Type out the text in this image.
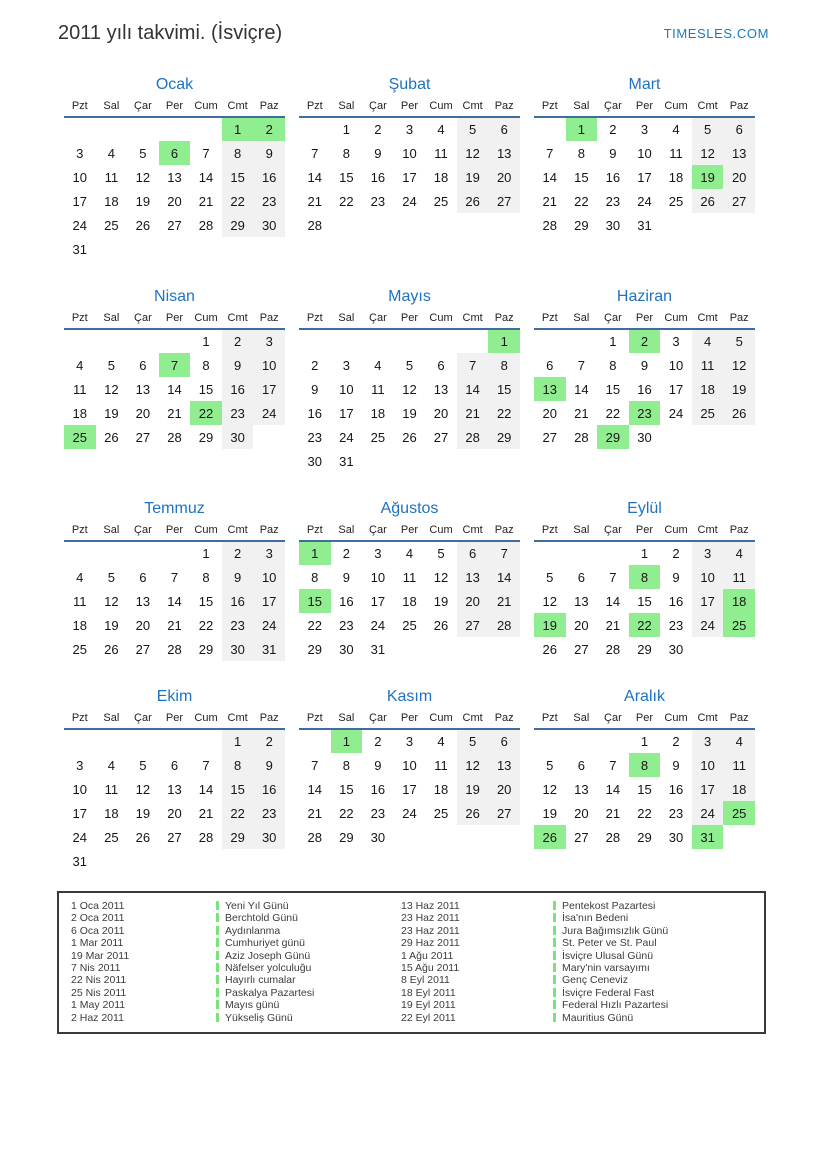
2011 yılı takvimi. (İsviçre)	TIMESLES.COM
Ocak
Pzt	Sal	Çar	Per	Cum	Cmt	Paz
					1	2
3	4	5	6	7	8	9
10	11	12	13	14	15	16
17	18	19	20	21	22	23
24	25	26	27	28	29	30
31						
Şubat
Pzt	Sal	Çar	Per	Cum	Cmt	Paz
	1	2	3	4	5	6
7	8	9	10	11	12	13
14	15	16	17	18	19	20
21	22	23	24	25	26	27
28						
Mart
Pzt	Sal	Çar	Per	Cum	Cmt	Paz
	1	2	3	4	5	6
7	8	9	10	11	12	13
14	15	16	17	18	19	20
21	22	23	24	25	26	27
28	29	30	31			
Nisan
Pzt	Sal	Çar	Per	Cum	Cmt	Paz
				1	2	3
4	5	6	7	8	9	10
11	12	13	14	15	16	17
18	19	20	21	22	23	24
25	26	27	28	29	30	
Mayıs
Pzt	Sal	Çar	Per	Cum	Cmt	Paz
						1
2	3	4	5	6	7	8
9	10	11	12	13	14	15
16	17	18	19	20	21	22
23	24	25	26	27	28	29
30	31					
Haziran
Pzt	Sal	Çar	Per	Cum	Cmt	Paz
		1	2	3	4	5
6	7	8	9	10	11	12
13	14	15	16	17	18	19
20	21	22	23	24	25	26
27	28	29	30			
Temmuz
Pzt	Sal	Çar	Per	Cum	Cmt	Paz
				1	2	3
4	5	6	7	8	9	10
11	12	13	14	15	16	17
18	19	20	21	22	23	24
25	26	27	28	29	30	31
Ağustos
Pzt	Sal	Çar	Per	Cum	Cmt	Paz
1	2	3	4	5	6	7
8	9	10	11	12	13	14
15	16	17	18	19	20	21
22	23	24	25	26	27	28
29	30	31				
Eylül
Pzt	Sal	Çar	Per	Cum	Cmt	Paz
			1	2	3	4
5	6	7	8	9	10	11
12	13	14	15	16	17	18
19	20	21	22	23	24	25
26	27	28	29	30		
Ekim
Pzt	Sal	Çar	Per	Cum	Cmt	Paz
					1	2
3	4	5	6	7	8	9
10	11	12	13	14	15	16
17	18	19	20	21	22	23
24	25	26	27	28	29	30
31						
Kasım
Pzt	Sal	Çar	Per	Cum	Cmt	Paz
	1	2	3	4	5	6
7	8	9	10	11	12	13
14	15	16	17	18	19	20
21	22	23	24	25	26	27
28	29	30				
Aralık
Pzt	Sal	Çar	Per	Cum	Cmt	Paz
			1	2	3	4
5	6	7	8	9	10	11
12	13	14	15	16	17	18
19	20	21	22	23	24	25
26	27	28	29	30	31	
1 Oca 2011	Yeni Yıl Günü	13 Haz 2011	Pentekost Pazartesi
2 Oca 2011	Berchtold Günü	23 Haz 2011	İsa'nın Bedeni
6 Oca 2011	Aydınlanma	23 Haz 2011	Jura Bağımsızlık Günü
1 Mar 2011	Cumhuriyet günü	29 Haz 2011	St. Peter ve St. Paul
19 Mar 2011	Aziz Joseph Günü	1 Ağu 2011	İsviçre Ulusal Günü
7 Nis 2011	Näfelser yolculuğu	15 Ağu 2011	Mary'nin varsayımı
22 Nis 2011	Hayırlı cumalar	8 Eyl 2011	Genç Ceneviz
25 Nis 2011	Paskalya Pazartesi	18 Eyl 2011	İsviçre Federal Fast
1 May 2011	Mayıs günü	19 Eyl 2011	Federal Hızlı Pazartesi
2 Haz 2011	Yükseliş Günü	22 Eyl 2011	Mauritius Günü
